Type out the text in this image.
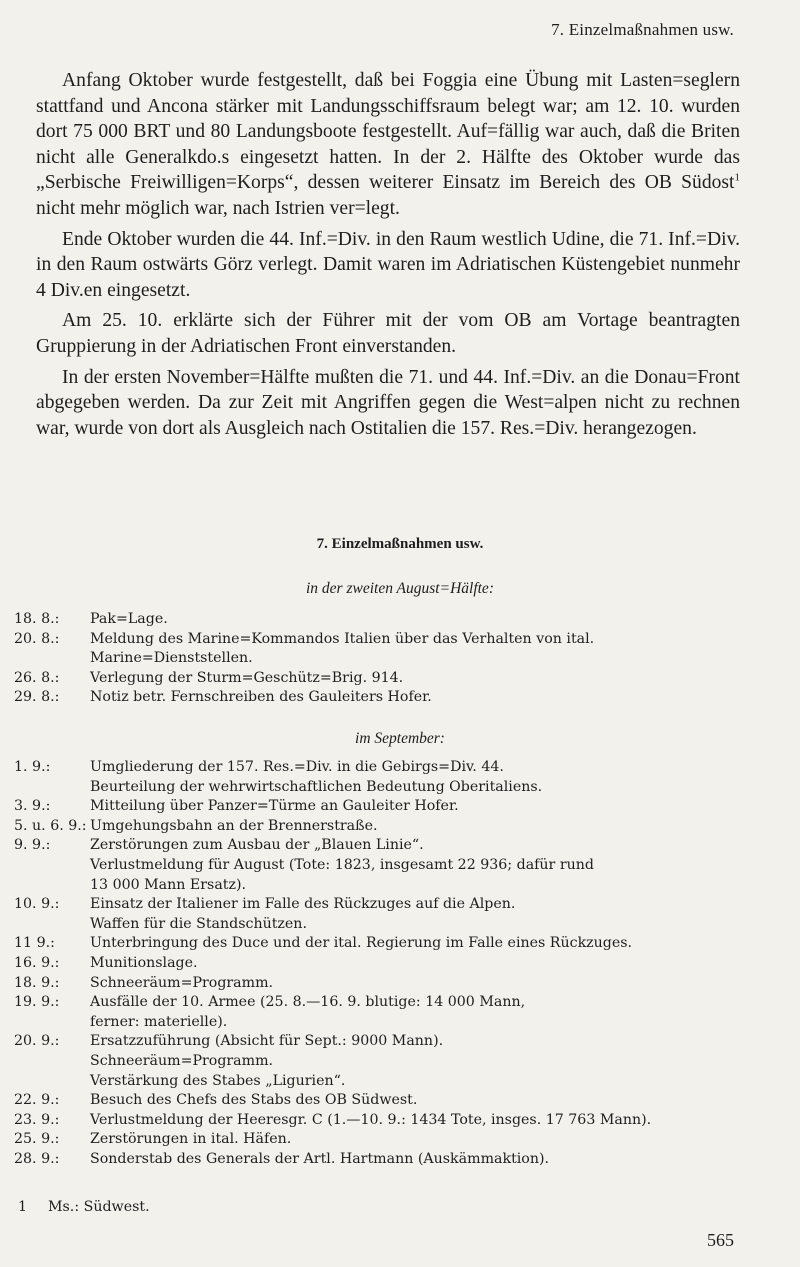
7. Einzelmaßnahmen usw.

Anfang Oktober wurde festgestellt, daß bei Foggia eine Übung mit Lasten=seglern stattfand und Ancona stärker mit Landungsschiffsraum belegt war; am 12. 10. wurden dort 75 000 BRT und 80 Landungsboote festgestellt. Auf=fällig war auch, daß die Briten nicht alle Generalkdo.s eingesetzt hatten. In der 2. Hälfte des Oktober wurde das „Serbische Freiwilligen=Korps“, dessen weiterer Einsatz im Bereich des OB Südost$^1$ nicht mehr möglich war, nach Istrien ver=legt.

Ende Oktober wurden die 44. Inf.=Div. in den Raum westlich Udine, die 71. Inf.=Div. in den Raum ostwärts Görz verlegt. Damit waren im Adriatischen Küstengebiet nunmehr 4 Div.en eingesetzt.

Am 25. 10. erklärte sich der Führer mit der vom OB am Vortage beantragten Gruppierung in der Adriatischen Front einverstanden.

In der ersten November=Hälfte mußten die 71. und 44. Inf.=Div. an die Donau=Front abgegeben werden. Da zur Zeit mit Angriffen gegen die West=alpen nicht zu rechnen war, wurde von dort als Ausgleich nach Ostitalien die 157. Res.=Div. herangezogen.

7. Einzelmaßnahmen usw.
in der zweiten August=Hälfte:
18. 8.:	Pak=Lage.
20. 8.:	Meldung des Marine=Kommandos Italien über das Verhalten von ital.
Marine=Dienststellen.
26. 8.:	Verlegung der Sturm=Geschütz=Brig. 914.
29. 8.:	Notiz betr. Fernschreiben des Gauleiters Hofer.
im September:
1. 9.:	Umgliederung der 157. Res.=Div. in die Gebirgs=Div. 44.
Beurteilung der wehrwirtschaftlichen Bedeutung Oberitaliens.
3. 9.:	Mitteilung über Panzer=Türme an Gauleiter Hofer.
5. u. 6. 9.: Umgehungsbahn an der Brennerstraße.
9. 9.:	Zerstörungen zum Ausbau der „Blauen Linie“.
Verlustmeldung für August (Tote: 1823, insgesamt 22 936; dafür rund
13 000 Mann Ersatz).
10. 9.:	Einsatz der Italiener im Falle des Rückzuges auf die Alpen.
Waffen für die Standschützen.
11 9.:	Unterbringung des Duce und der ital. Regierung im Falle eines Rückzuges.
16. 9.:	Munitionslage.
18. 9.:	Schneeräum=Programm.
19. 9.:	Ausfälle der 10. Armee (25. 8.—16. 9. blutige: 14 000 Mann,
ferner: materielle).
20. 9.:	Ersatzzuführung (Absicht für Sept.: 9000 Mann).
Schneeräum=Programm.
Verstärkung des Stabes „Ligurien“.
22. 9.:	Besuch des Chefs des Stabs des OB Südwest.
23. 9.:	Verlustmeldung der Heeresgr. C (1.—10. 9.: 1434 Tote, insges. 17 763 Mann).
25. 9.:	Zerstörungen in ital. Häfen.
28. 9.:	Sonderstab des Generals der Artl. Hartmann (Auskämmaktion).
1 Ms.: Südwest.
565
